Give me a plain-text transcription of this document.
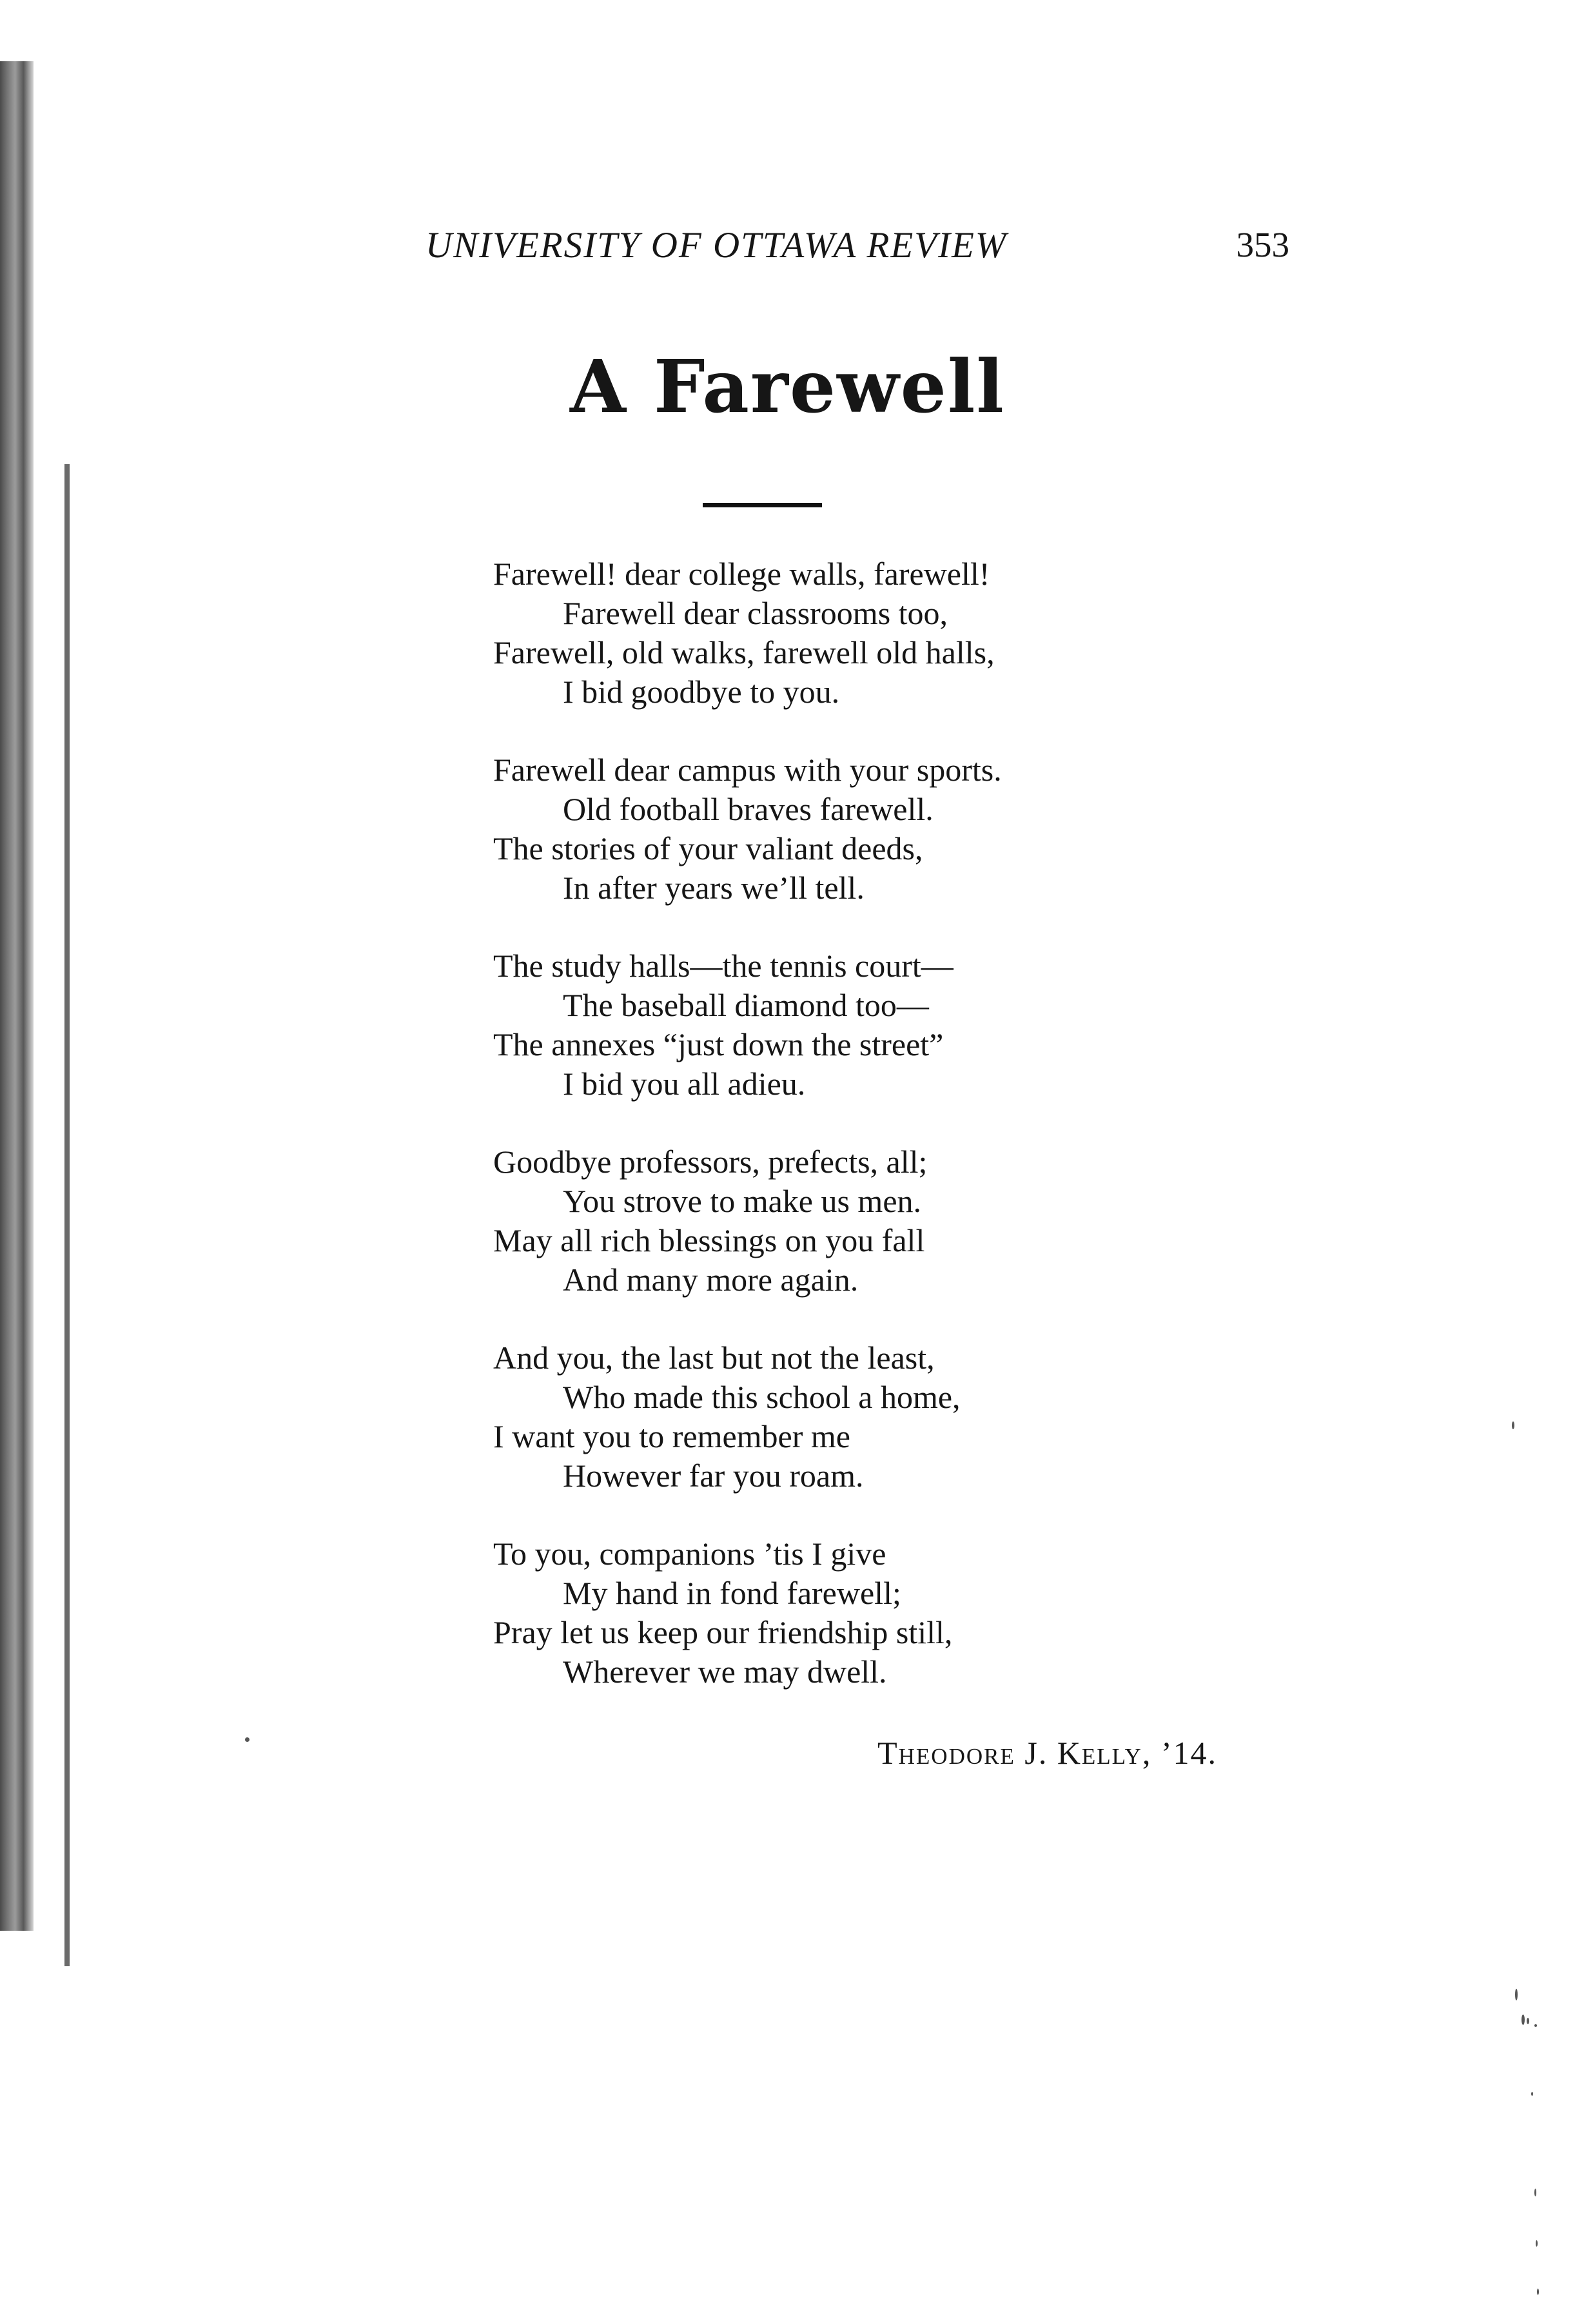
UNIVERSITY OF OTTAWA REVIEW	353
A Farewell
Farewell! dear college walls, farewell!
Farewell dear classrooms too,
Farewell, old walks, farewell old halls,
I bid goodbye to you.
Farewell dear campus with your sports.
Old football braves farewell.
The stories of your valiant deeds,
In after years we’ll tell.
The study halls—the tennis court—
The baseball diamond too—
The annexes “just down the street”
I bid you all adieu.
Goodbye professors, prefects, all;
You strove to make us men.
May all rich blessings on you fall
And many more again.
And you, the last but not the least,
Who made this school a home,
I want you to remember me
However far you roam.
To you, companions ’tis I give
My hand in fond farewell;
Pray let us keep our friendship still,
Wherever we may dwell.
Theodore J. Kelly, ’14.
